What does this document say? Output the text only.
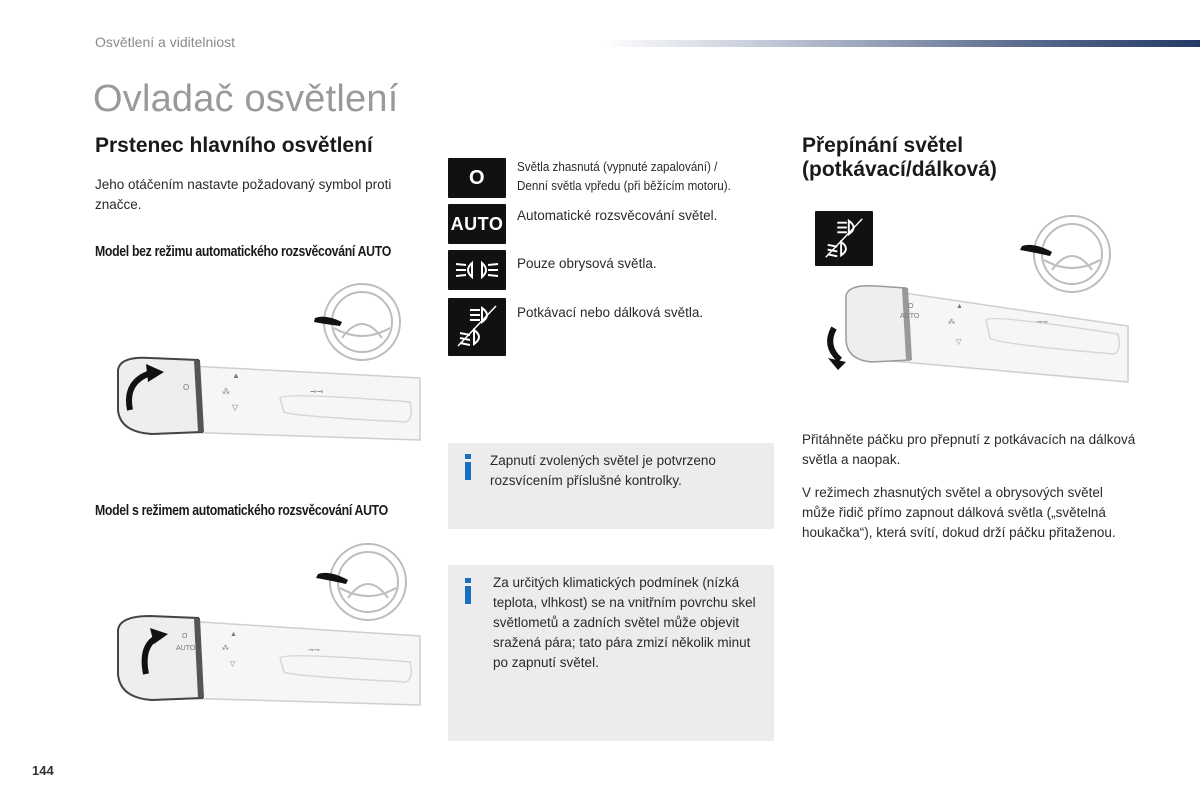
Osvětlení a viditelniost
Ovladač osvětlení
Prstenec hlavního osvětlení
Jeho otáčením nastavte požadovaný symbol proti značce.
Model bez režimu automatického rozsvěcování AUTO
Model s režimem automatického rozsvěcování AUTO
O
▲
⁂
▽
⊸⊸
O
AUTO
▲
⁂
▽
⊸⊸
O	Světla zhasnutá (vypnuté zapalování) /
Denní světla vpředu (při běžícím motoru).
AUTO Automatické rozsvěcování světel.
Pouze obrysová světla.
Potkávací nebo dálková světla.
Zapnutí zvolených světel je potvrzeno rozsvícením příslušné kontrolky.
Za určitých klimatických podmínek (nízká teplota, vlhkost) se na vnitřním povrchu skel světlometů a zadních světel může objevit sražená pára; tato pára zmizí několik minut po zapnutí světel.
Přepínání světel
(potkávací/dálková)
O
AUTO
▲
⁂
▽
⊸⊸
Přitáhněte páčku pro přepnutí z potkávacích na dálková světla a naopak.
V režimech zhasnutých světel a obrysových světel může řidič přímo zapnout dálková světla („světelná houkačka“), která svítí, dokud drží páčku přitaženou.
144
